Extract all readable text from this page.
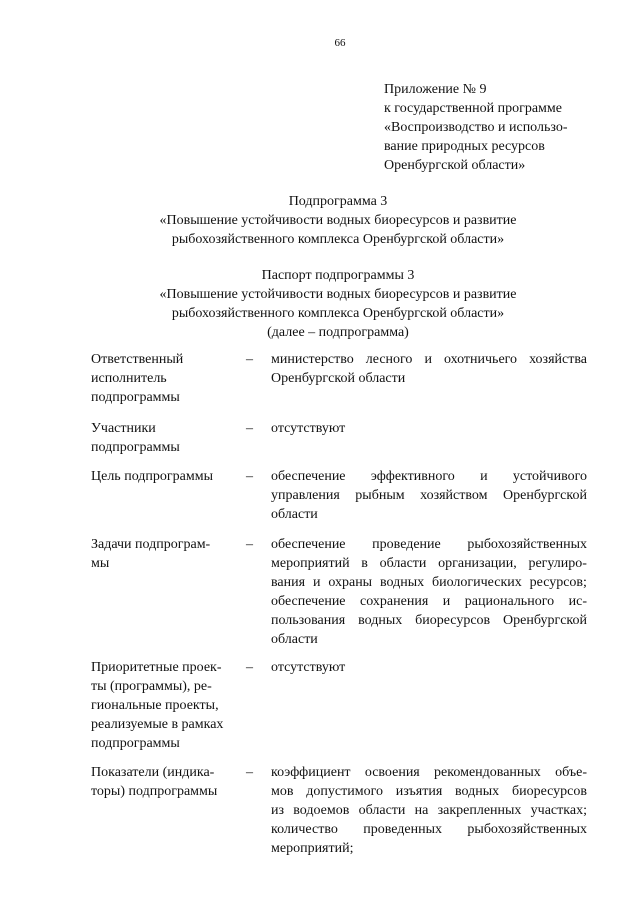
66
Приложение № 9
к государственной программе
«Воспроизводство и использо-
вание природных ресурсов
Оренбургской области»
Подпрограмма 3
«Повышение устойчивости водных биоресурсов и развитие
рыбохозяйственного комплекса Оренбургской области»
Паспорт подпрограммы 3
«Повышение устойчивости водных биоресурсов и развитие
рыбохозяйственного комплекса Оренбургской области»
(далее – подпрограмма)
Ответственный
исполнитель
подпрограммы
– министерство лесного и охотничьего хозяйства
Оренбургской области
Участники
подпрограммы
– отсутствуют
Цель подпрограммы	– обеспечение эффективного и устойчивого
управления рыбным хозяйством Оренбургской
области
Задачи подпрограм-
мы
– обеспечение проведение рыбохозяйственных
мероприятий в области организации, регулиро-
вания и охраны водных биологических ресурсов;
обеспечение сохранения и рационального ис-
пользования водных биоресурсов Оренбургской
области
Приоритетные проек-
ты (программы), ре-
гиональные проекты,
реализуемые в рамках
подпрограммы
– отсутствуют
Показатели (индика-
торы) подпрограммы
– коэффициент освоения рекомендованных объе-
мов допустимого изъятия водных биоресурсов
из водоемов области на закрепленных участках;
количество проведенных рыбохозяйственных
мероприятий;
